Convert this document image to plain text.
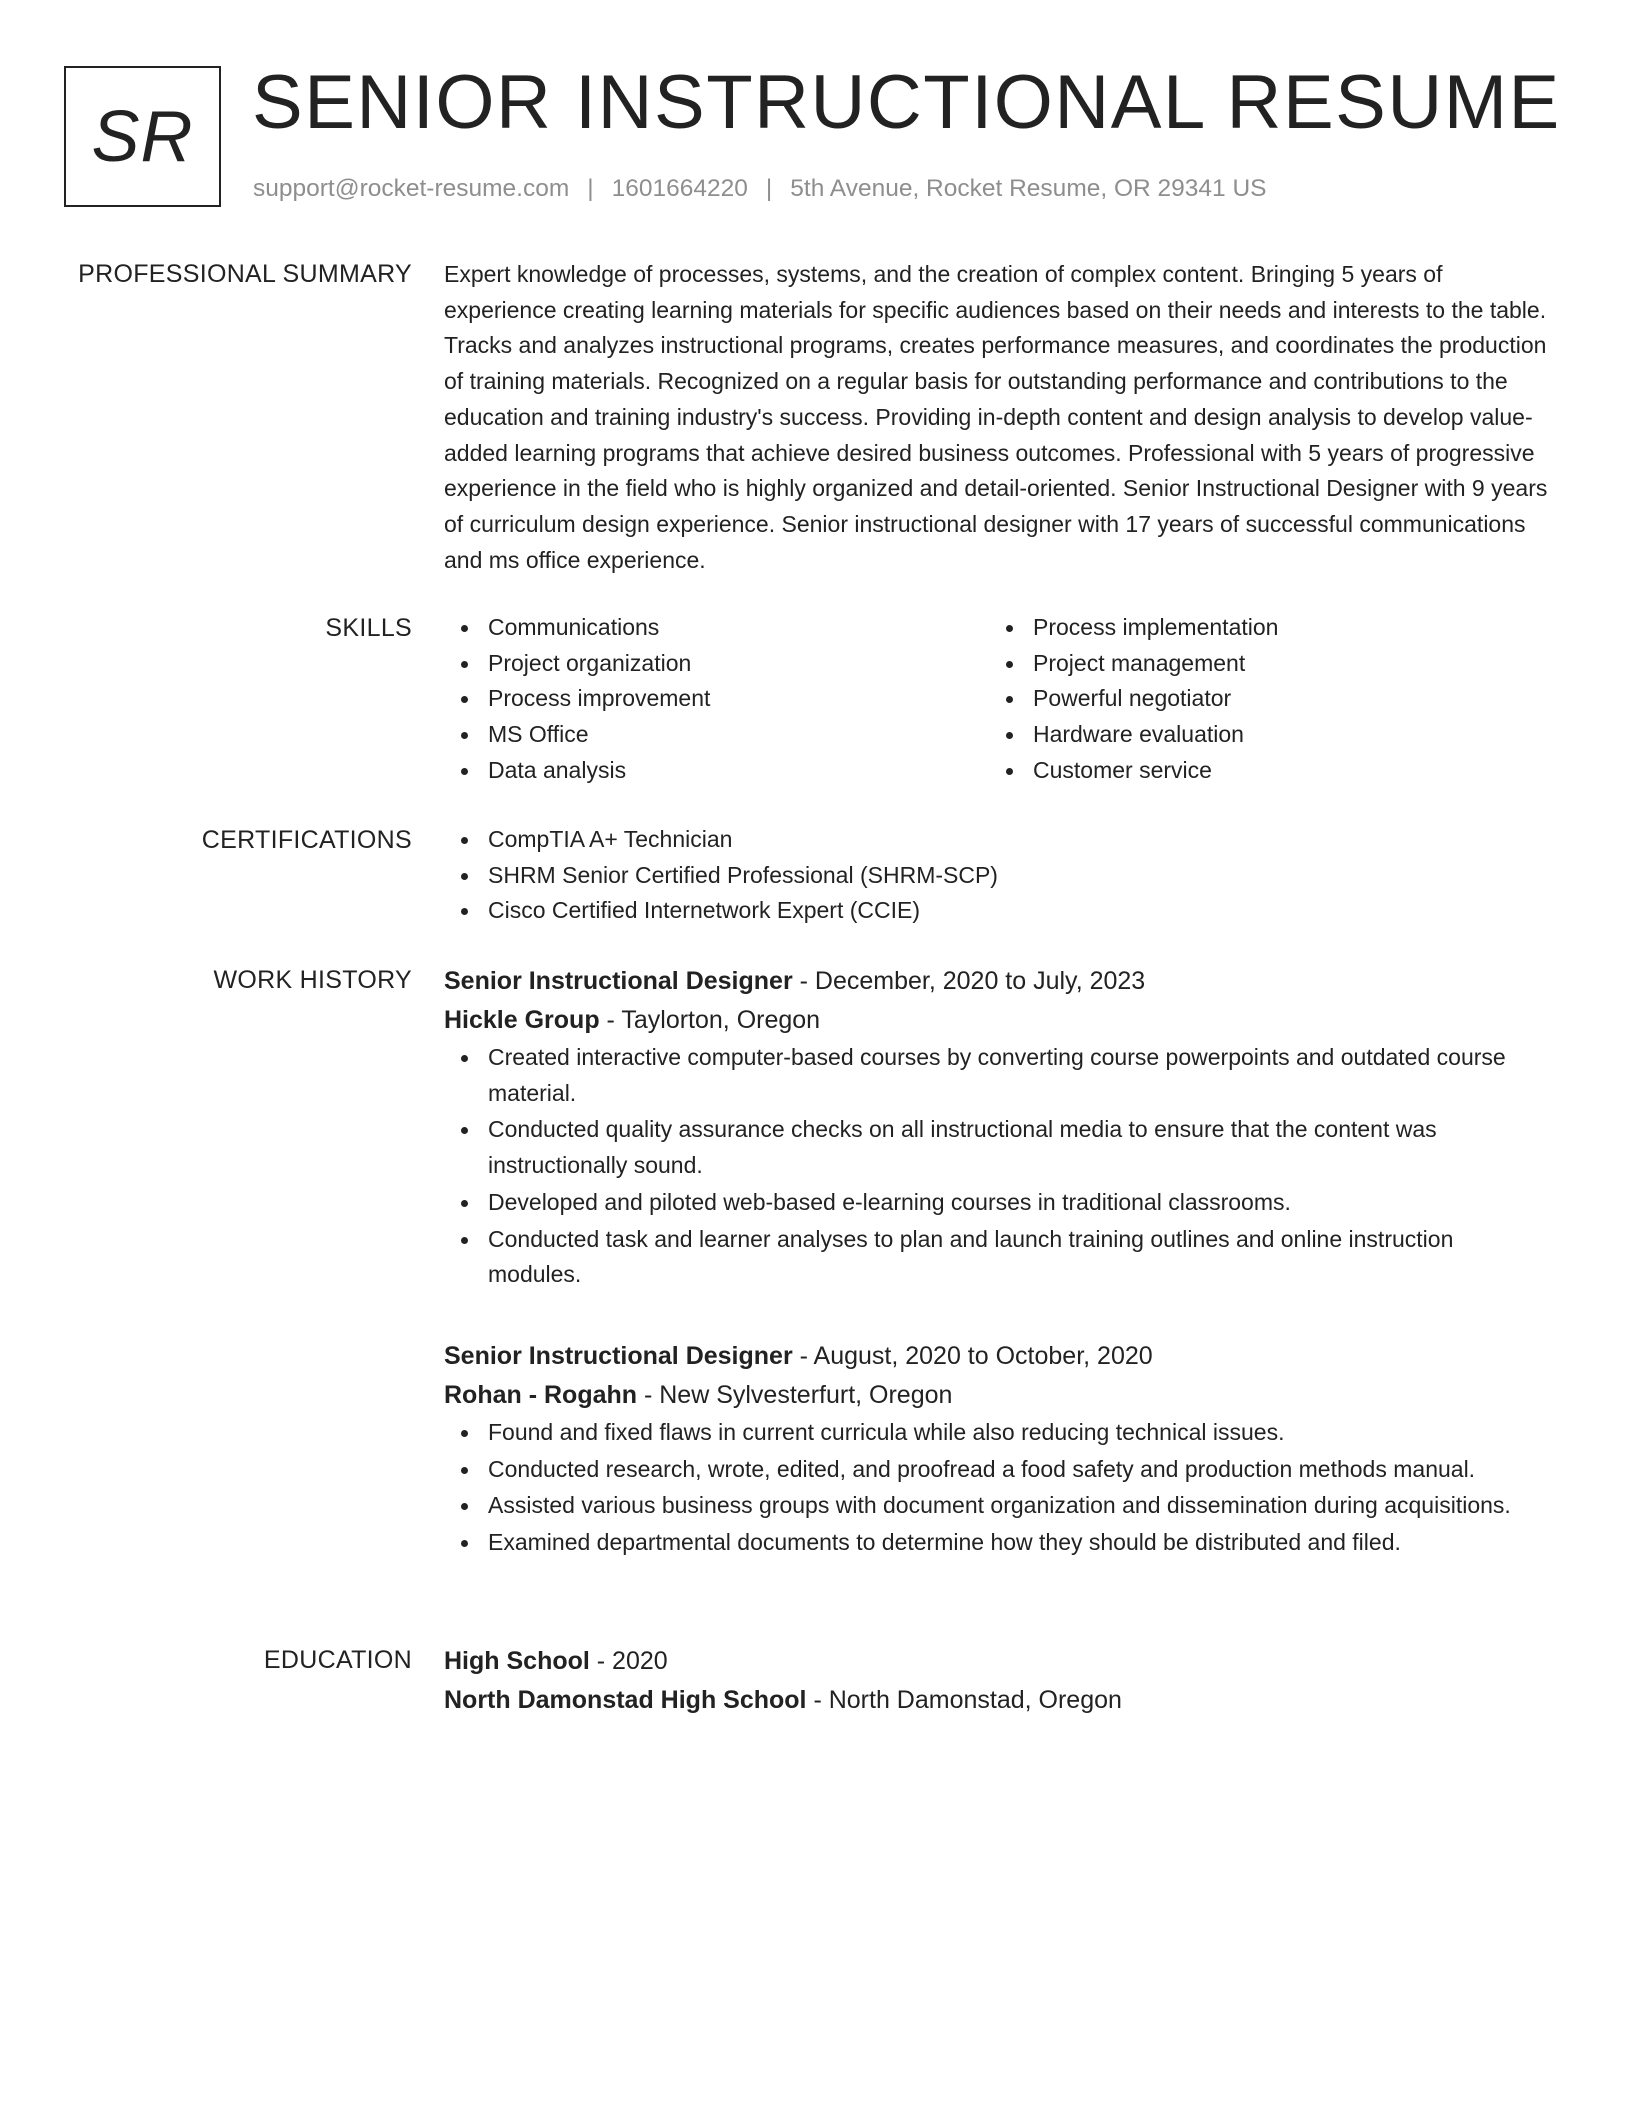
SR SENIOR INSTRUCTIONAL RESUME
support@rocket-resume.com | 1601664220 | 5th Avenue, Rocket Resume, OR 29341 US
PROFESSIONAL SUMMARY Expert knowledge of processes, systems, and the creation of complex content. Bringing 5 years of experience creating learning materials for specific audiences based on their needs and interests to the table. Tracks and analyzes instructional programs, creates performance measures, and coordinates the production of training materials. Recognized on a regular basis for outstanding performance and contributions to the education and training industry's success. Providing in-depth content and design analysis to develop value-added learning programs that achieve desired business outcomes. Professional with 5 years of progressive experience in the field who is highly organized and detail-oriented. Senior Instructional Designer with 9 years of curriculum design experience. Senior instructional designer with 17 years of successful communications and ms office experience.

SKILLS	Communications
Project organization
Process improvement
MS Office
Data analysis
Process implementation
Project management
Powerful negotiator
Hardware evaluation
Customer service
CERTIFICATIONS	CompTIA A+ Technician
SHRM Senior Certified Professional (SHRM-SCP)
Cisco Certified Internetwork Expert (CCIE)
WORK HISTORY Senior Instructional Designer - December, 2020 to July, 2023
Hickle Group - Taylorton, Oregon
Created interactive computer-based courses by converting course powerpoints and outdated course material.
Conducted quality assurance checks on all instructional media to ensure that the content was instructionally sound.
Developed and piloted web-based e-learning courses in traditional classrooms.
Conducted task and learner analyses to plan and launch training outlines and online instruction modules.
Senior Instructional Designer - August, 2020 to October, 2020
Rohan - Rogahn - New Sylvesterfurt, Oregon
Found and fixed flaws in current curricula while also reducing technical issues.
Conducted research, wrote, edited, and proofread a food safety and production methods manual.
Assisted various business groups with document organization and dissemination during acquisitions.
Examined departmental documents to determine how they should be distributed and filed.
EDUCATION High School - 2020
North Damonstad High School - North Damonstad, Oregon
